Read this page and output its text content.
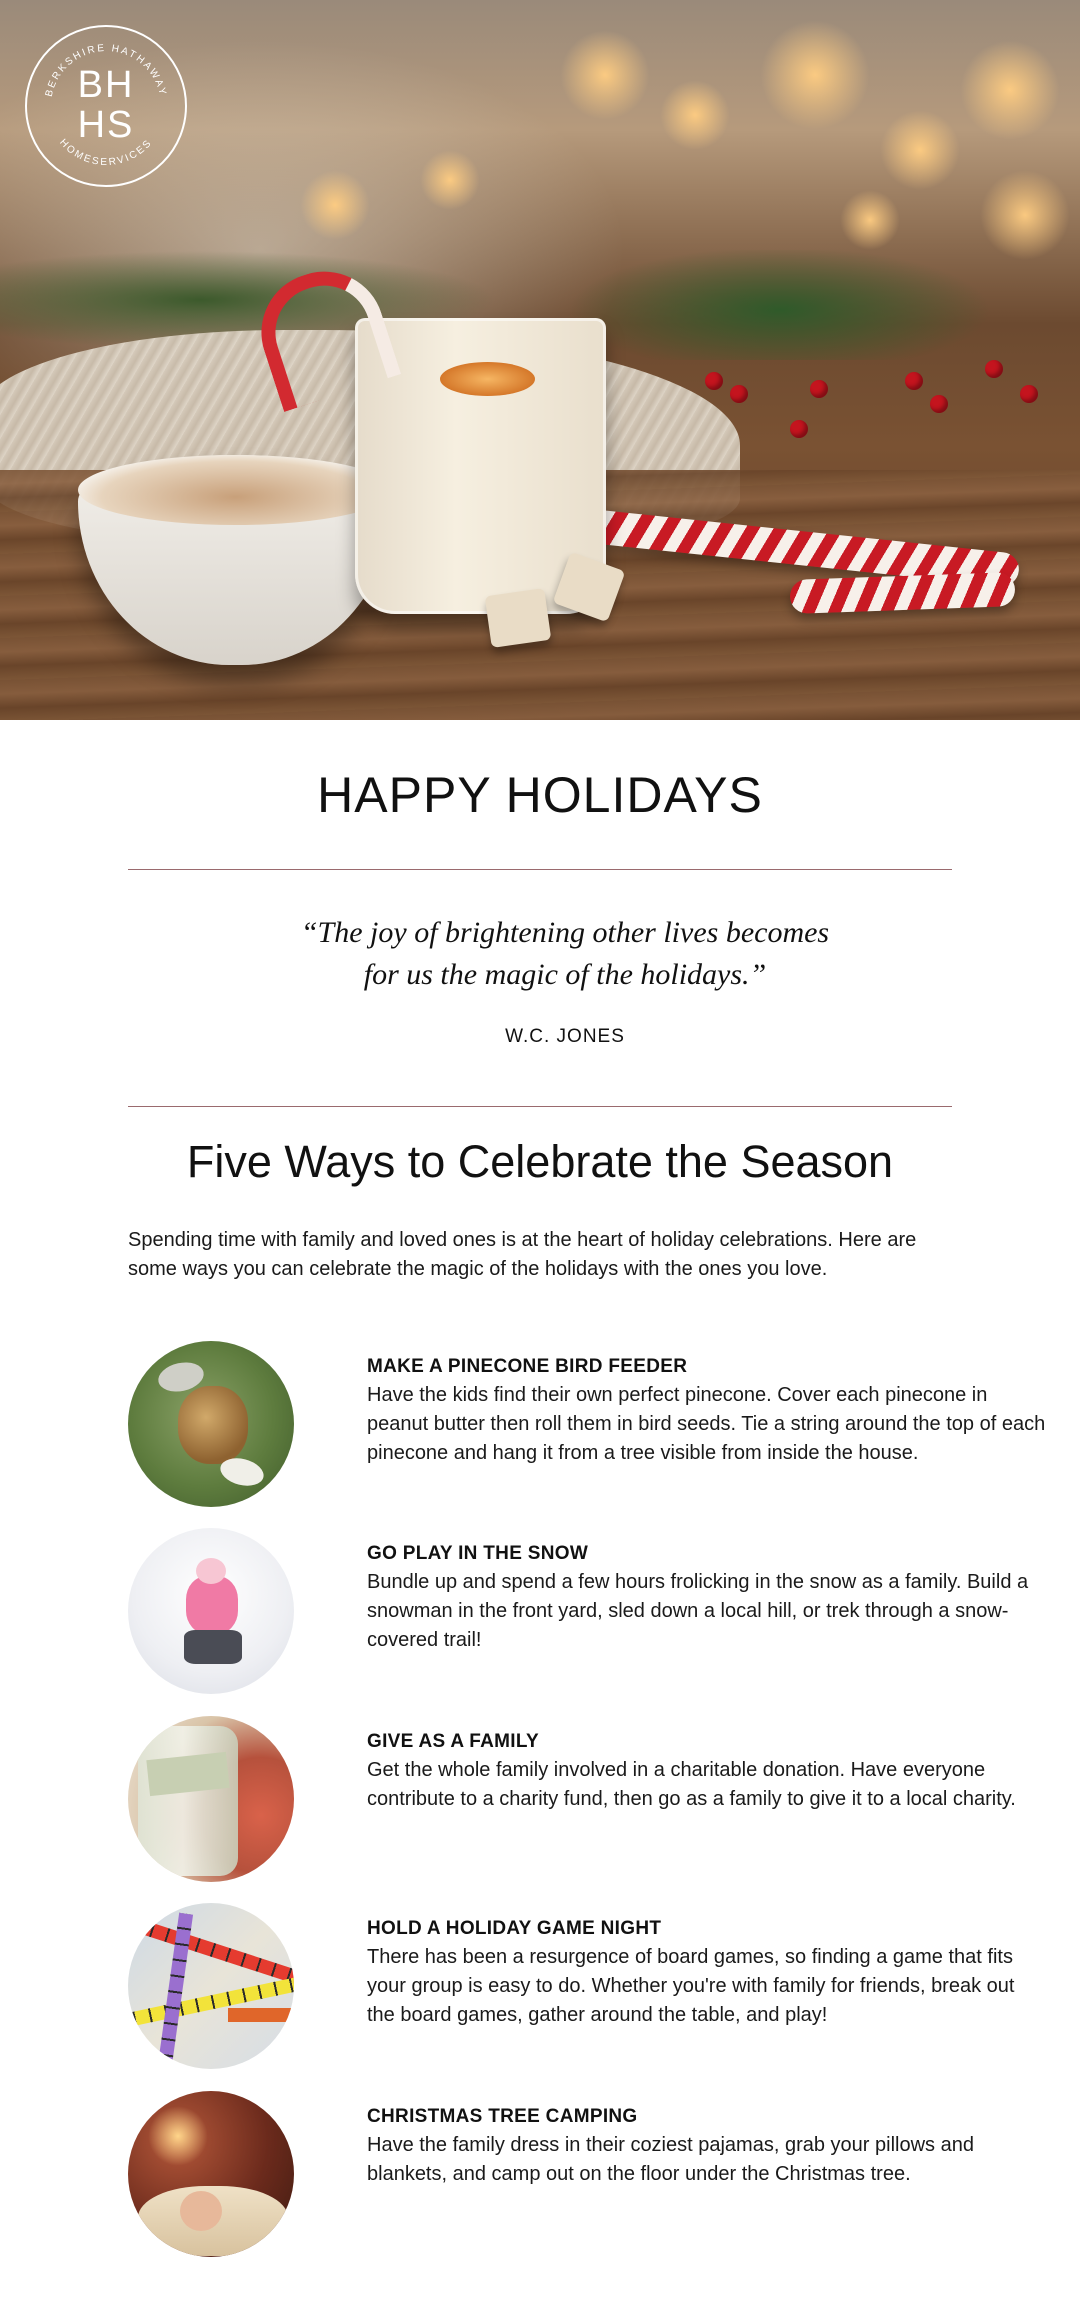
BERKSHIRE HATHAWAY
HOMESERVICES
BH
HS
HAPPY HOLIDAYS
“The joy of brightening other lives becomes
for us the magic of the holidays.”
W.C. JONES
Five Ways to Celebrate the Season
Spending time with family and loved ones is at the heart of holiday celebrations. Here are some ways you can celebrate the magic of the holidays with the ones you love.
MAKE A PINECONE BIRD FEEDER
Have the kids find their own perfect pinecone. Cover each pinecone in peanut butter then roll them in bird seeds. Tie a string around the top of each pinecone and hang it from a tree visible from inside the house.
GO PLAY IN THE SNOW
Bundle up and spend a few hours frolicking in the snow as a family. Build a snowman in the front yard, sled down a local hill, or trek through a snow-covered trail!
GIVE AS A FAMILY
Get the whole family involved in a charitable donation. Have everyone contribute to a charity fund, then go as a family to give it to a local charity.
HOLD A HOLIDAY GAME NIGHT
There has been a resurgence of board games, so finding a game that fits your group is easy to do. Whether you're with family for friends, break out the board games, gather around the table, and play!
CHRISTMAS TREE CAMPING
Have the family dress in their coziest pajamas, grab your pillows and blankets, and camp out on the floor under the Christmas tree.
